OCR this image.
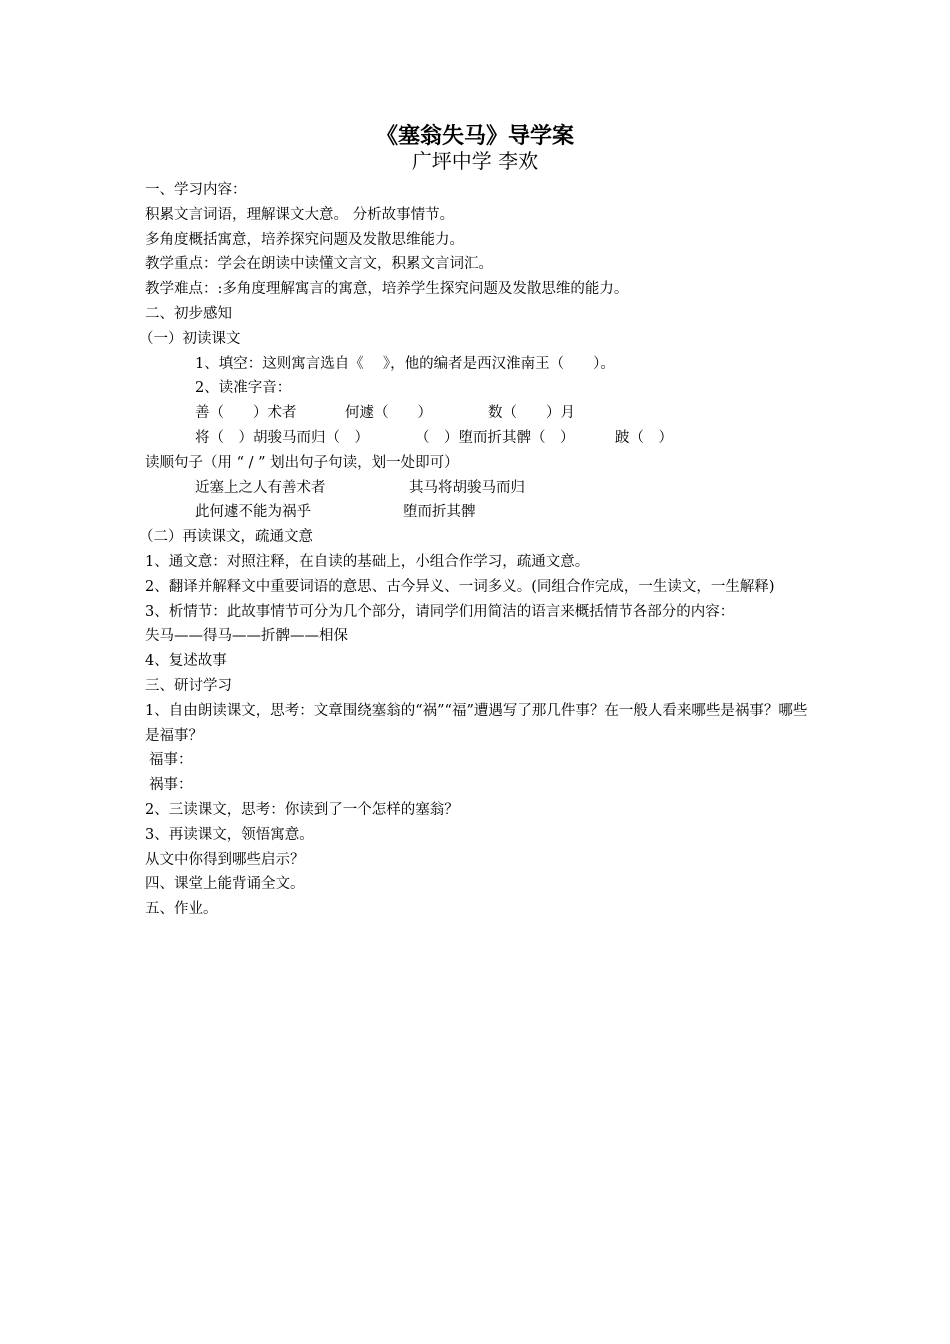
《塞翁失马》导学案
广坪中学 李欢
一、学习内容：
积累文言词语，理解课文大意。 分析故事情节。
多角度概括寓意，培养探究问题及发散思维能力。
教学重点：学会在朗读中读懂文言文，积累文言词汇。
教学难点：:多角度理解寓言的寓意，培养学生探究问题及发散思维的能力。
二、初步感知
（一）初读课文
1、填空：这则寓言选自《　 》，他的编者是西汉淮南王（　　）。
2、读准字音：
善（　　）术者	何遽（　　）	数（　　）月
将（　）胡骏马而归（　）	（　）堕而折其髀（　）	跛（　）
读顺句子（用 “ / ” 划出句子句读，划一处即可）
近塞上之人有善术者	其马将胡骏马而归
此何遽不能为祸乎	堕而折其髀
（二）再读课文，疏通文意
1、通文意：对照注释，在自读的基础上，小组合作学习，疏通文意。
2、翻译并解释文中重要词语的意思、古今异义、一词多义。(同组合作完成，一生读文，一生解释)
3、析情节：此故事情节可分为几个部分，请同学们用简洁的语言来概括情节各部分的内容：
失马——得马——折髀——相保
4、复述故事
三、研讨学习
1、自由朗读课文，思考：文章围绕塞翁的“祸”“福”遭遇写了那几件事？在一般人看来哪些是祸事？哪些是福事？
福事：
祸事：
2、三读课文，思考：你读到了一个怎样的塞翁？
3、再读课文，领悟寓意。
从文中你得到哪些启示？
四、课堂上能背诵全文。
五、作业。
